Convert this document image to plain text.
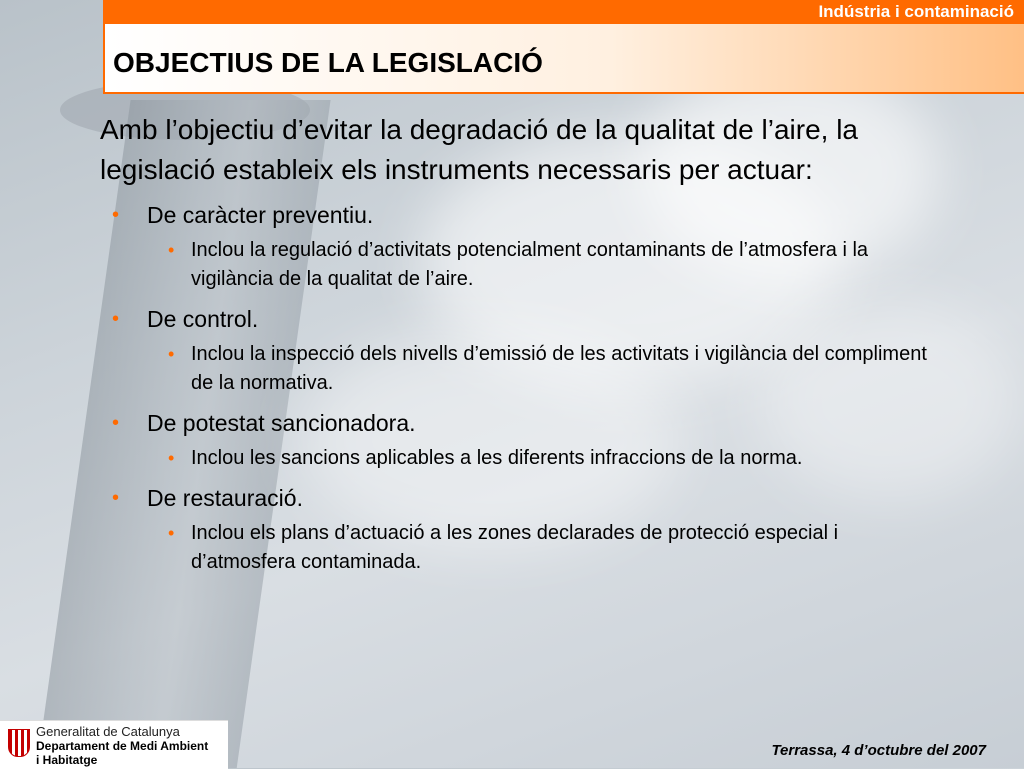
Indústria i contaminació
OBJECTIUS DE LA LEGISLACIÓ

Amb l’objectiu d’evitar la degradació de la qualitat de l’aire, la legislació estableix els instruments necessaris per actuar:

• De caràcter preventiu.
• Inclou la regulació d’activitats potencialment contaminants de l’atmosfera i la vigilància de la qualitat de l’aire.
• De control.
• Inclou la inspecció dels nivells d’emissió de les activitats i vigilància del compliment de la normativa.
• De potestat sancionadora.
• Inclou les sancions aplicables a les diferents infraccions de la norma.
• De restauració.
• Inclou els plans d’actuació a les zones declarades de protecció especial i d’atmosfera contaminada.
Generalitat de Catalunya
Departament de Medi Ambient
i Habitatge
Terrassa, 4 d’octubre del 2007
